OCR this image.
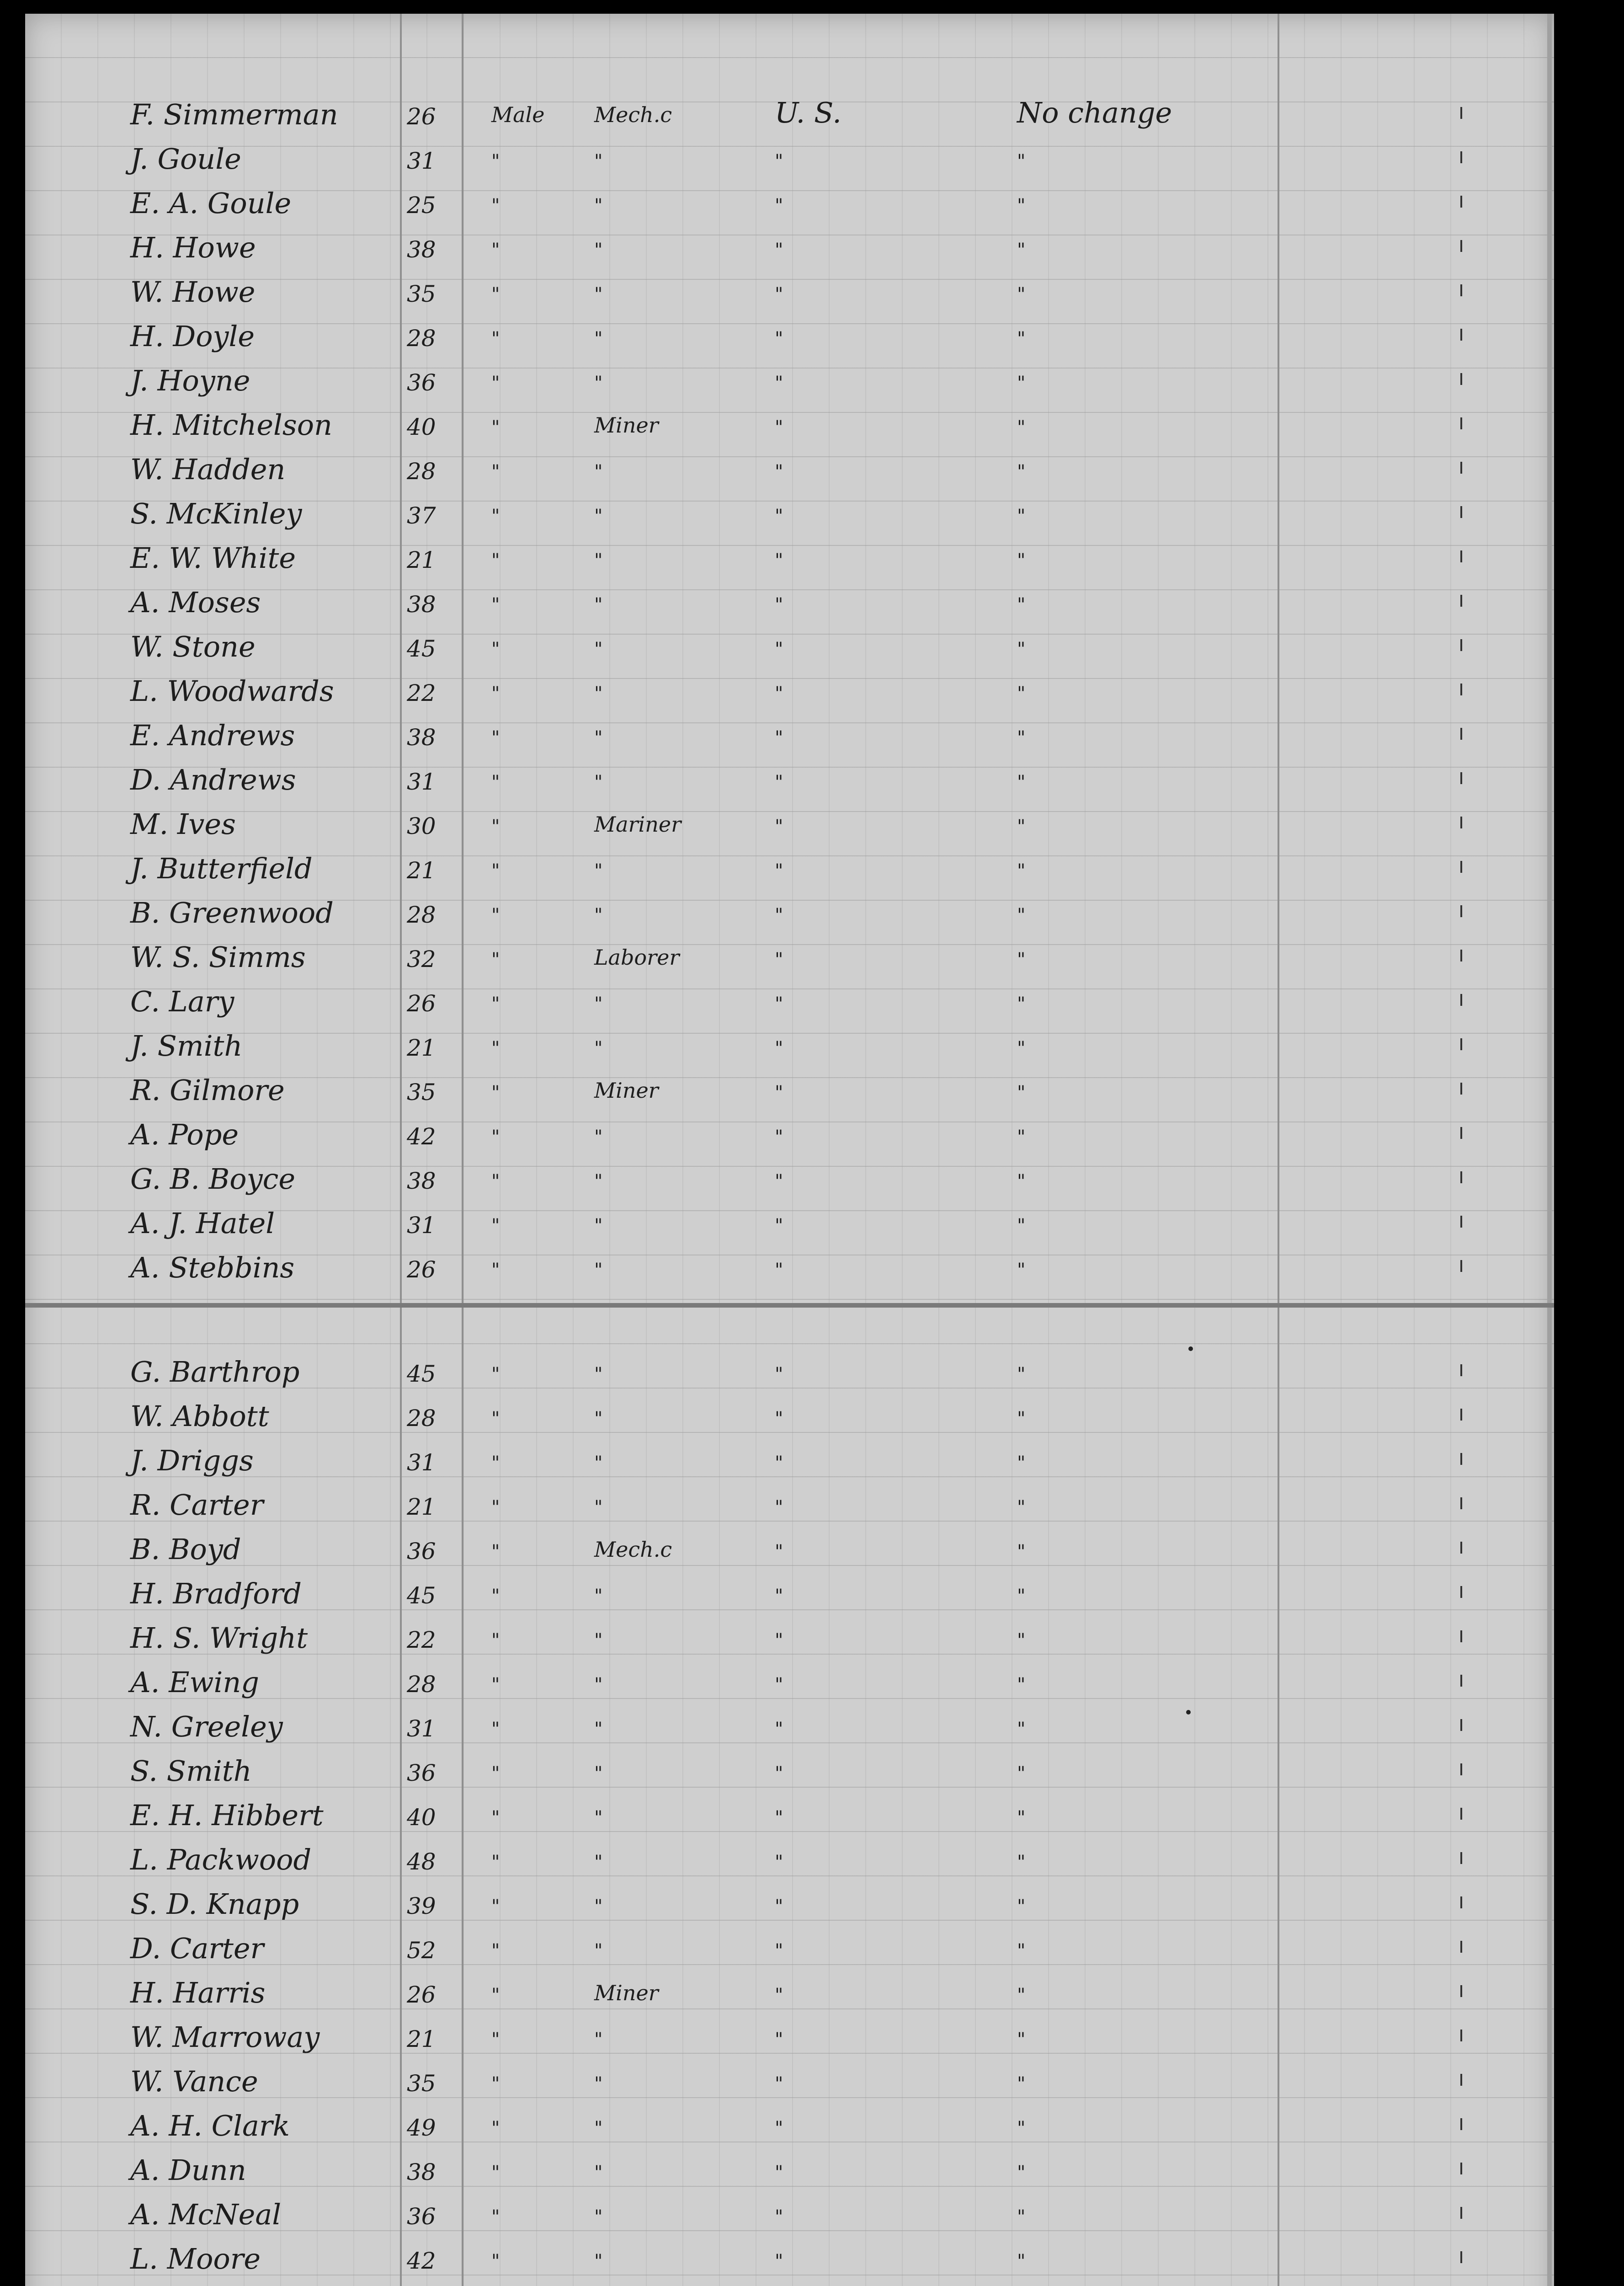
F. Simmerman	26	Male Mech.c	U. S.	No change
J. Goule	31	"	"	"	"
E. A. Goule	25	"	"	"	"
H. Howe	38	"	"	"	"
W. Howe	35	"	"	"	"
H. Doyle	28	"	"	"	"
J. Hoyne	36	"	"	"	"
H. Mitchelson	40	"	Miner	"	"
W. Hadden	28	"	"	"	"
S. McKinley	37	"	"	"	"
E. W. White	21	"	"	"	"
A. Moses	38	"	"	"	"
W. Stone	45	"	"	"	"
L. Woodwards	22	"	"	"	"
E. Andrews	38	"	"	"	"
D. Andrews	31	"	"	"	"
M. Ives	30	"	Mariner	"	"
J. Butterfield	21	"	"	"	"
B. Greenwood	28	"	"	"	"
W. S. Simms	32	"	Laborer	"	"
C. Lary	26	"	"	"	"
J. Smith	21	"	"	"	"
R. Gilmore	35	"	Miner	"	"
A. Pope	42	"	"	"	"
G. B. Boyce	38	"	"	"	"
A. J. Hatel	31	"	"	"	"
A. Stebbins	26	"	"	"	"
G. Barthrop	45	"	"	"	"
W. Abbott	28	"	"	"	"
J. Driggs	31	"	"	"	"
R. Carter	21	"	"	"	"
B. Boyd	36	"	Mech.c	"	"
H. Bradford	45	"	"	"	"
H. S. Wright	22	"	"	"	"
A. Ewing	28	"	"	"	"
N. Greeley	31	"	"	"	"
S. Smith	36	"	"	"	"
E. H. Hibbert	40	"	"	"	"
L. Packwood	48	"	"	"	"
S. D. Knapp	39	"	"	"	"
D. Carter	52	"	"	"	"
H. Harris	26	"	Miner	"	"
W. Marroway	21	"	"	"	"
W. Vance	35	"	"	"	"
A. H. Clark	49	"	"	"	"
A. Dunn	38	"	"	"	"
A. McNeal	36	"	"	"	"
L. Moore	42	"	"	"	"
